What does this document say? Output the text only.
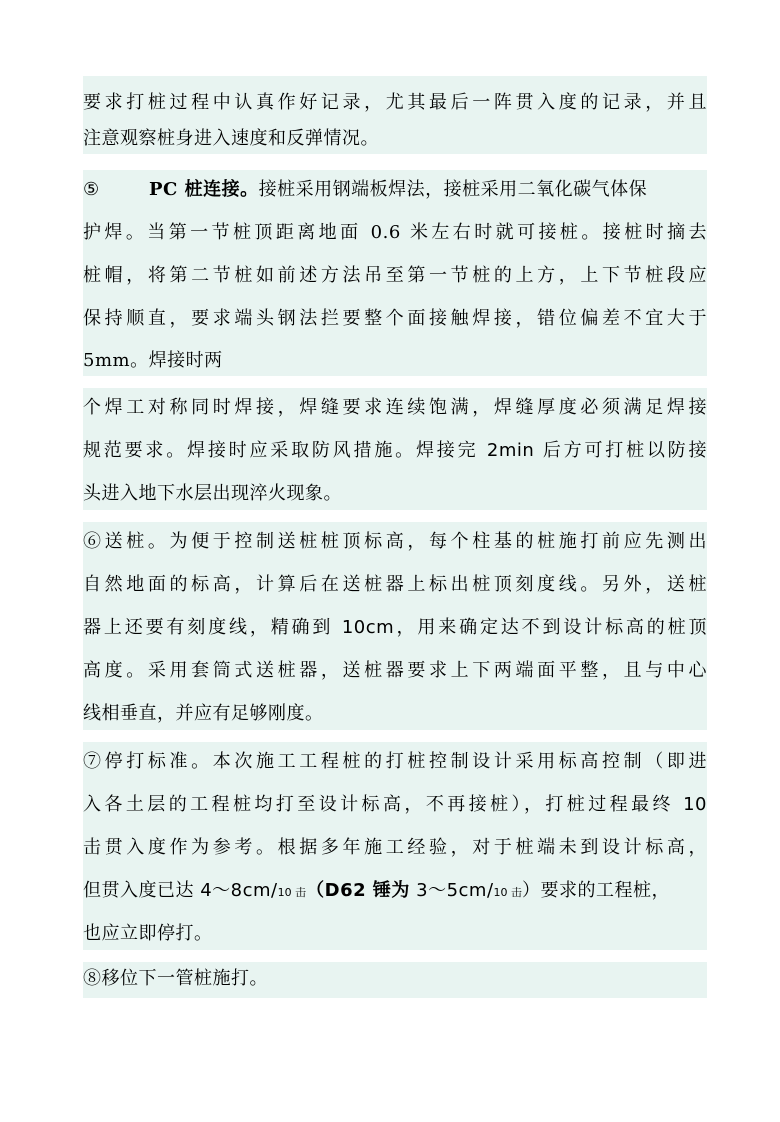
要求打桩过程中认真作好记录，尤其最后一阵贯入度的记录，并且
注意观察桩身进入速度和反弹情况。
⑤	PC 桩连接。接桩采用钢端板焊法，接桩采用二氧化碳气体保
护焊。当第一节桩顶距离地面 0.6 米左右时就可接桩。接桩时摘去
桩帽，将第二节桩如前述方法吊至第一节桩的上方，上下节桩段应
保持顺直，要求端头钢法拦要整个面接触焊接，错位偏差不宜大于
5mm。焊接时两
个焊工对称同时焊接，焊缝要求连续饱满，焊缝厚度必须满足焊接
规范要求。焊接时应采取防风措施。焊接完 2min 后方可打桩以防接
头进入地下水层出现淬火现象。
⑥送桩。为便于控制送桩桩顶标高，每个柱基的桩施打前应先测出
自然地面的标高，计算后在送桩器上标出桩顶刻度线。另外，送桩
器上还要有刻度线，精确到 10cm，用来确定达不到设计标高的桩顶
高度。采用套筒式送桩器，送桩器要求上下两端面平整，且与中心
线相垂直，并应有足够刚度。
⑦停打标准。本次施工工程桩的打桩控制设计采用标高控制（即进
入各土层的工程桩均打至设计标高，不再接桩），打桩过程最终 10
击贯入度作为参考。根据多年施工经验，对于桩端未到设计标高，
但贯入度已达 4～8cm/10 击（D62 锤为 3～5cm/10 击）要求的工程桩，
也应立即停打。
⑧移位下一管桩施打。
